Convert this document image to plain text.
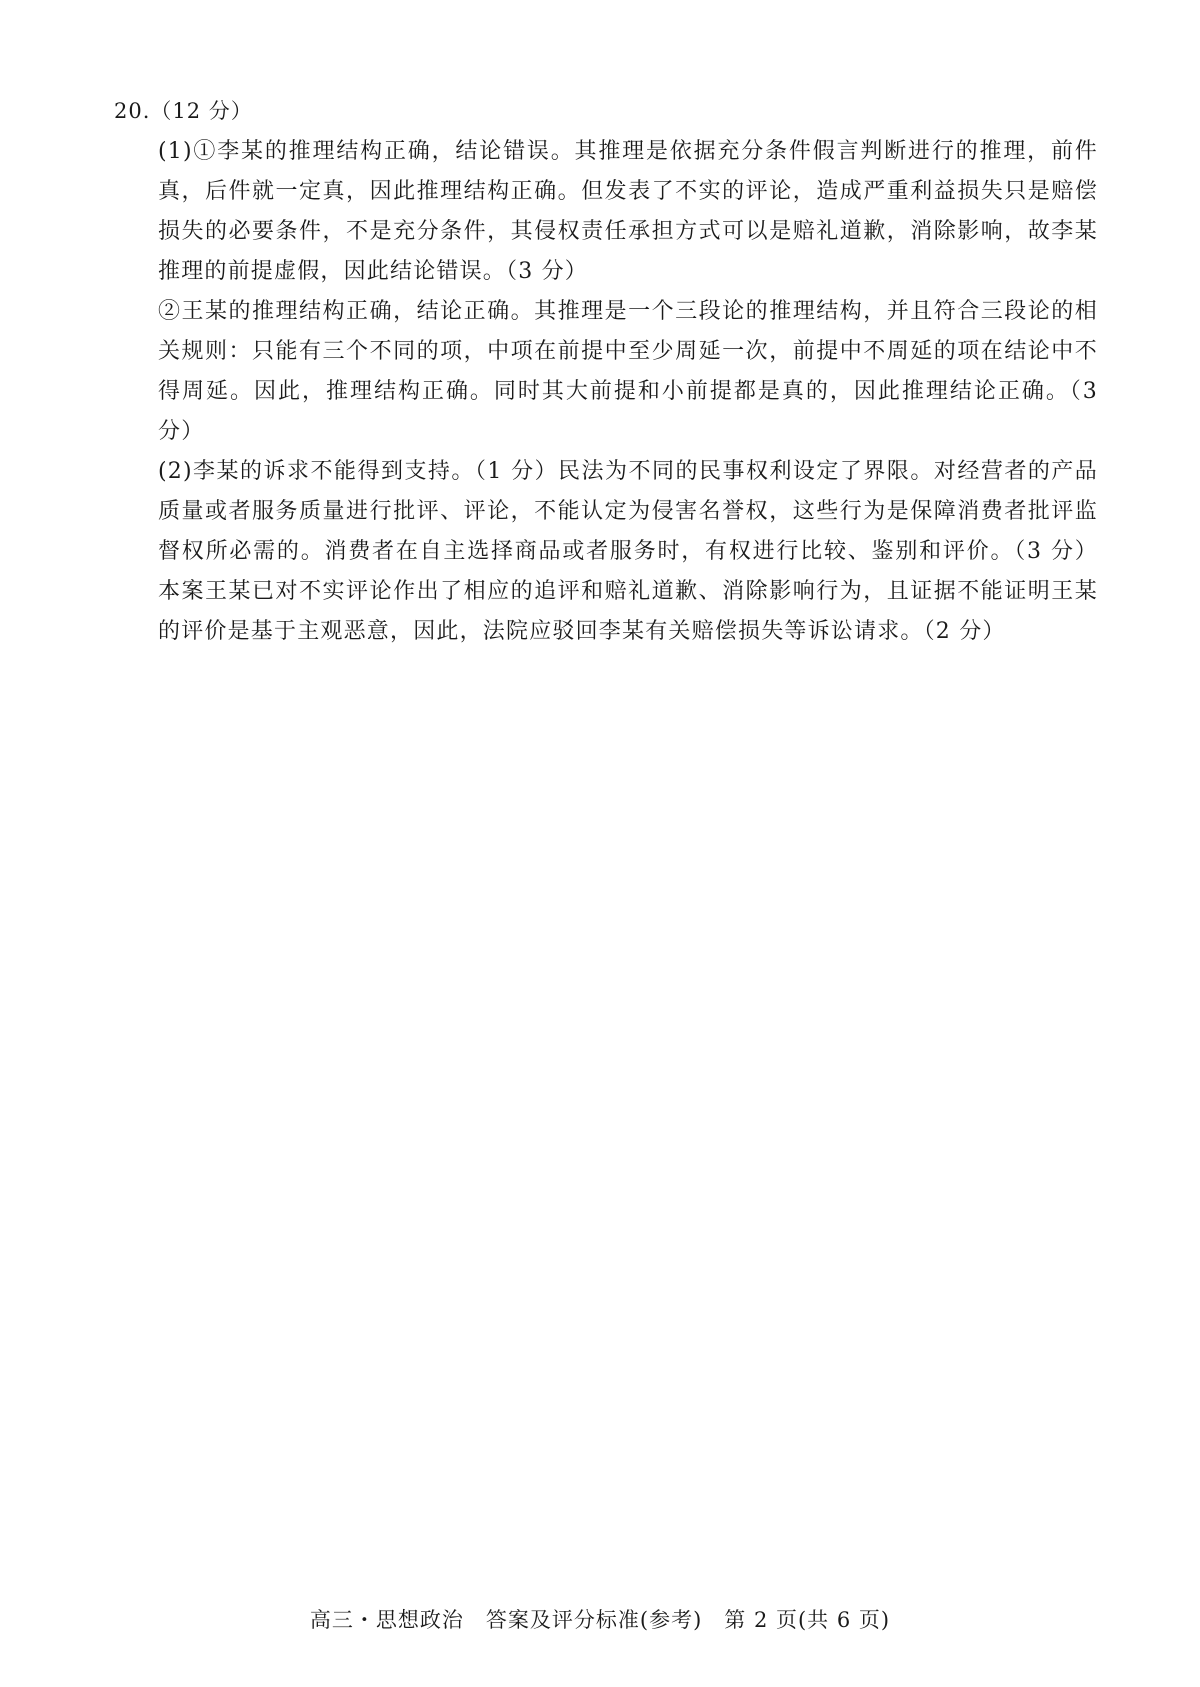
20.（12 分）

(1)①李某的推理结构正确，结论错误。其推理是依据充分条件假言判断进行的推理，前件真，后件就一定真，因此推理结构正确。但发表了不实的评论，造成严重利益损失只是赔偿损失的必要条件，不是充分条件，其侵权责任承担方式可以是赔礼道歉，消除影响，故李某推理的前提虚假，因此结论错误。（3 分）

②王某的推理结构正确，结论正确。其推理是一个三段论的推理结构，并且符合三段论的相关规则：只能有三个不同的项，中项在前提中至少周延一次，前提中不周延的项在结论中不得周延。因此，推理结构正确。同时其大前提和小前提都是真的，因此推理结论正确。（3 分）

(2)李某的诉求不能得到支持。（1 分）民法为不同的民事权利设定了界限。对经营者的产品质量或者服务质量进行批评、评论，不能认定为侵害名誉权，这些行为是保障消费者批评监督权所必需的。消费者在自主选择商品或者服务时，有权进行比较、鉴别和评价。（3 分）本案王某已对不实评论作出了相应的追评和赔礼道歉、消除影响行为，且证据不能证明王某的评价是基于主观恶意，因此，法院应驳回李某有关赔偿损失等诉讼请求。（2 分）

高三・思想政治　答案及评分标准(参考)　第 2 页(共 6 页)
